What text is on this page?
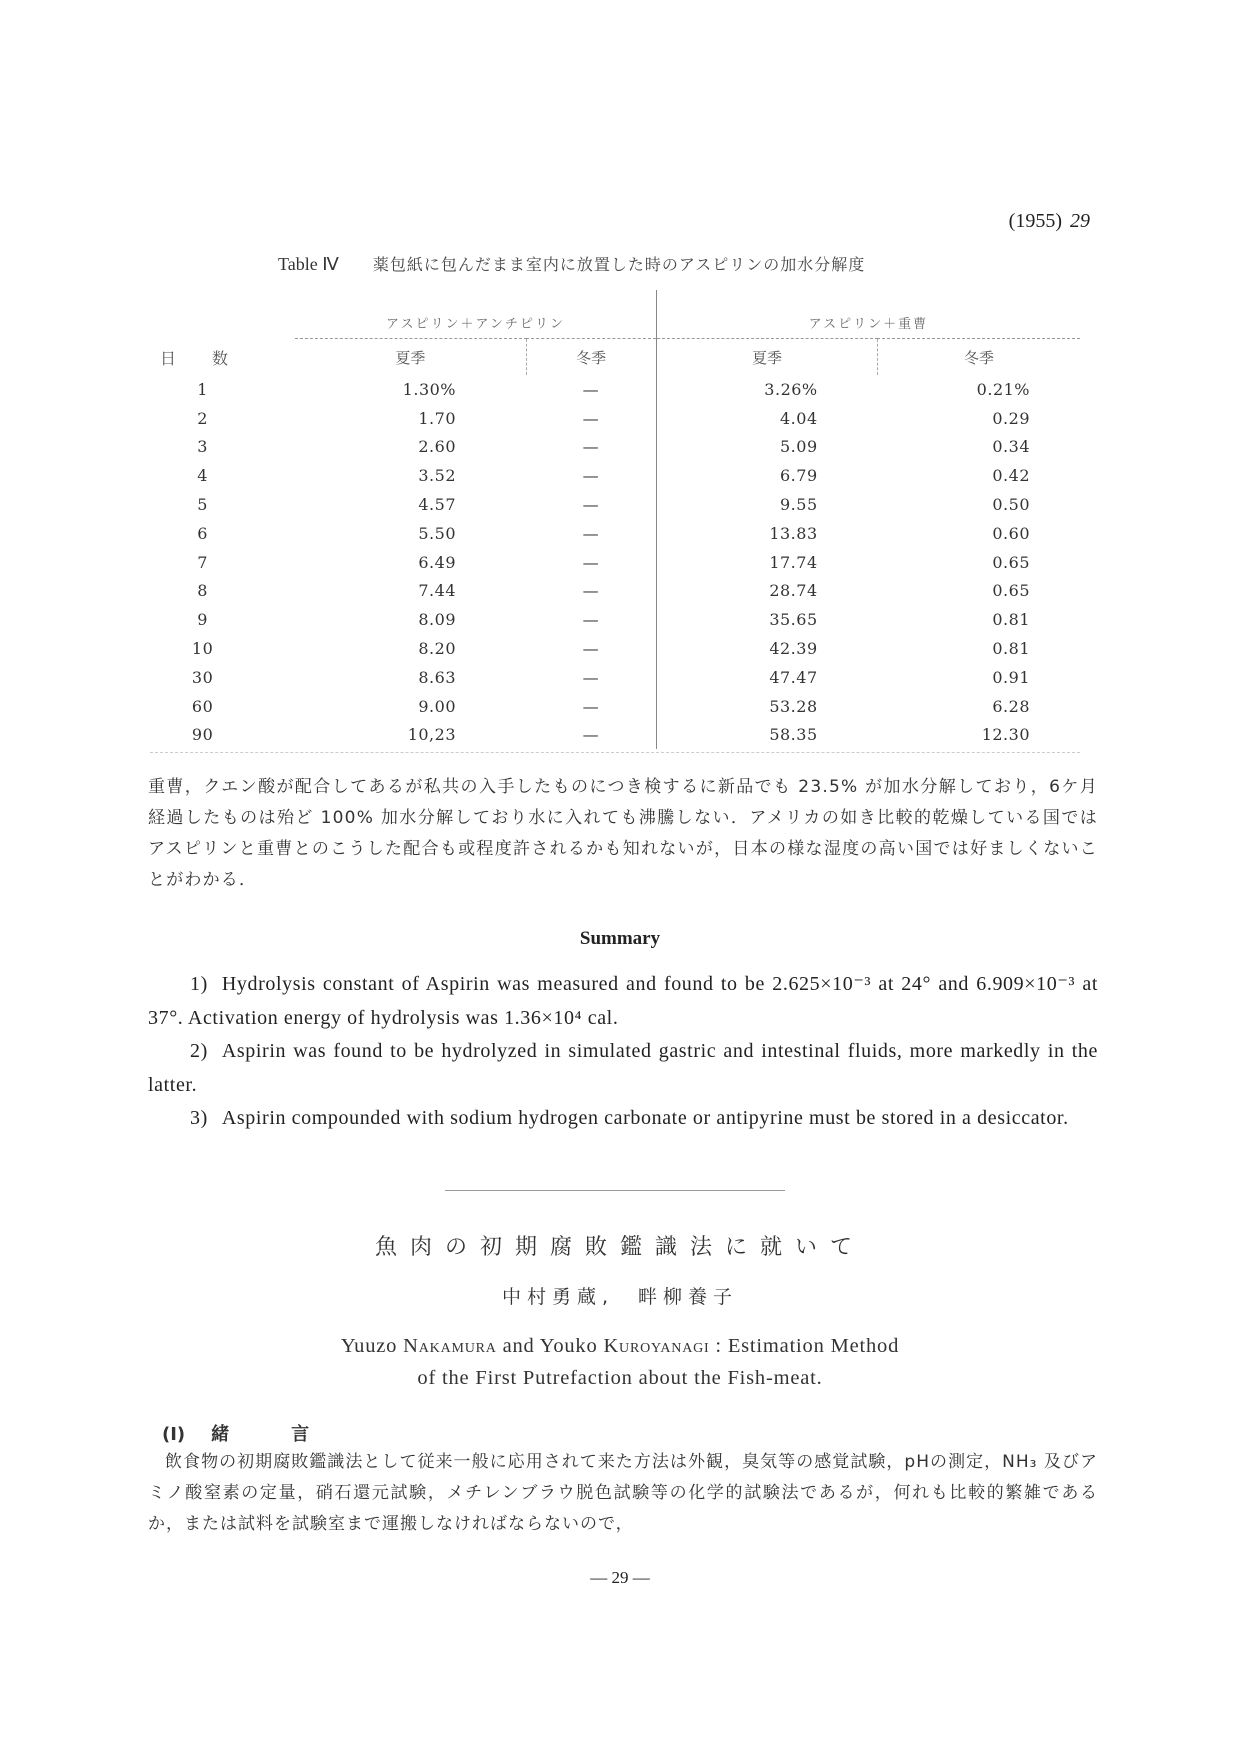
(1955) 29
Table Ⅳ 薬包紙に包んだまま室内に放置した時のアスピリンの加水分解度
日数	アスピリン＋アンチピリン		アスピリン＋重曹	
	夏季	冬季	夏季	冬季
1	1.30%	—	3.26%	0.21%
2	1.70	—	4.04	0.29
3	2.60	—	5.09	0.34
4	3.52	—	6.79	0.42
5	4.57	—	9.55	0.50
6	5.50	—	13.83	0.60
7	6.49	—	17.74	0.65
8	7.44	—	28.74	0.65
9	8.09	—	35.65	0.81
10	8.20	—	42.39	0.81
30	8.63	—	47.47	0.91
60	9.00	—	53.28	6.28
90	10,23	—	58.35	12.30
重曹，クエン酸が配合してあるが私共の入手したものにつき検するに新品でも 23.5% が加水分解しており，6ケ月経過したものは殆ど 100% 加水分解しており水に入れても沸騰しない．アメリカの如き比較的乾燥している国ではアスピリンと重曹とのこうした配合も或程度許されるかも知れないが，日本の様な湿度の高い国では好ましくないことがわかる．
Summary

1) Hydrolysis constant of Aspirin was measured and found to be 2.625×10⁻³ at 24° and 6.909×10⁻³ at 37°. Activation energy of hydrolysis was 1.36×10⁴ cal.

2) Aspirin was found to be hydrolyzed in simulated gastric and intestinal fluids, more markedly in the latter.

3) Aspirin compounded with sodium hydrogen carbonate or antipyrine must be stored in a desiccator.

魚肉の初期腐敗鑑識法に就いて
中村勇蔵, 畔柳養子
Yuuzo Nakamura and Youko Kuroyanagi : Estimation Method
of the First Putrefaction about the Fish-meat.
(Ⅰ) 緒言
飲食物の初期腐敗鑑識法として従来一般に応用されて来た方法は外観，臭気等の感覚試験，pHの測定，NH₃ 及びアミノ酸窒素の定量，硝石還元試験，メチレンブラウ脱色試験等の化学的試験法であるが，何れも比較的繁雑であるか，または試料を試験室まで運搬しなければならないので，
— 29 —
